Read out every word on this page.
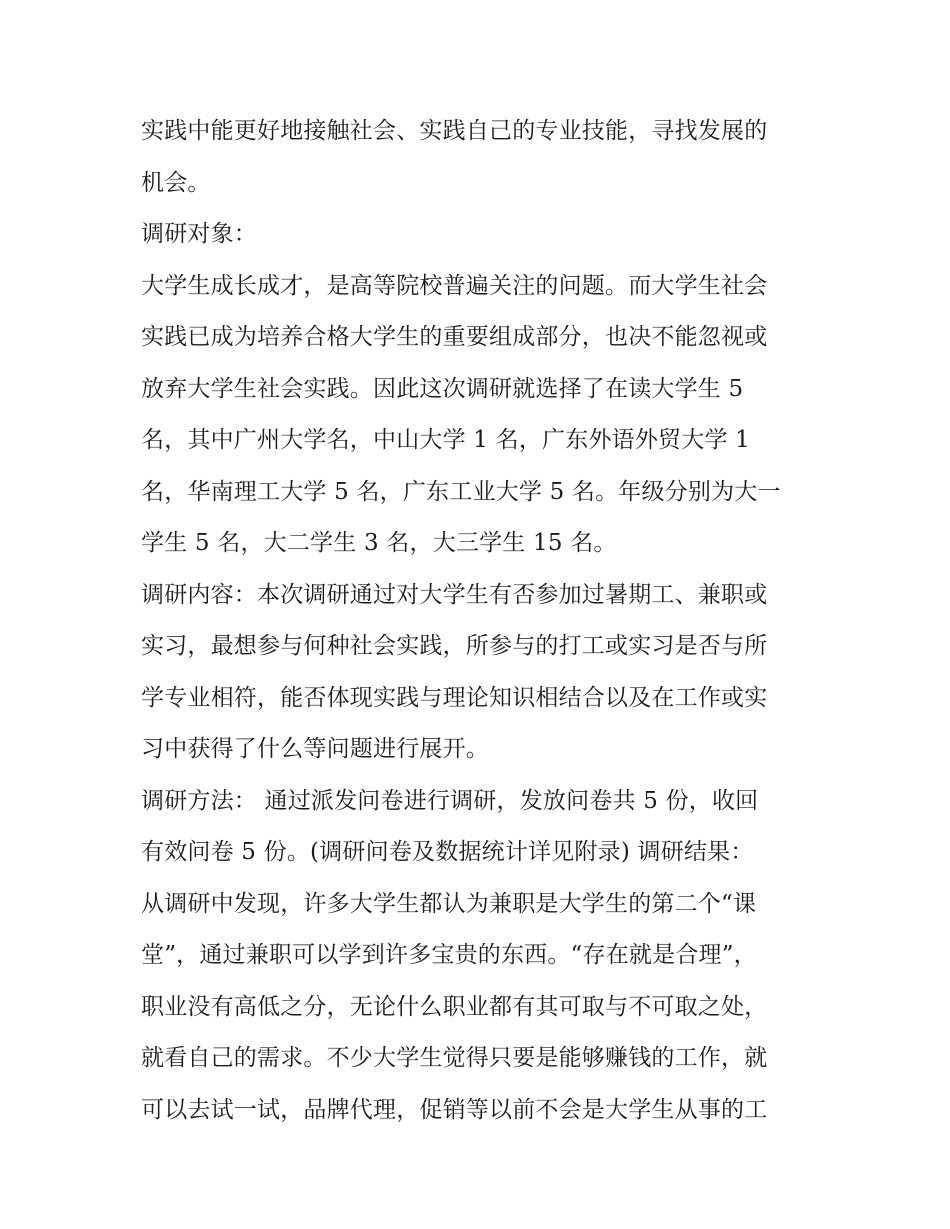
实践中能更好地接触社会、实践自己的专业技能，寻找发展的
机会。
调研对象：
大学生成长成才，是高等院校普遍关注的问题。而大学生社会
实践已成为培养合格大学生的重要组成部分，也决不能忽视或
放弃大学生社会实践。因此这次调研就选择了在读大学生 5
名，其中广州大学名，中山大学 1 名，广东外语外贸大学 1
名，华南理工大学 5 名，广东工业大学 5 名。年级分别为大一
学生 5 名，大二学生 3 名，大三学生 15 名。
调研内容：本次调研通过对大学生有否参加过暑期工、兼职或
实习，最想参与何种社会实践，所参与的打工或实习是否与所
学专业相符，能否体现实践与理论知识相结合以及在工作或实
习中获得了什么等问题进行展开。
调研方法： 通过派发问卷进行调研，发放问卷共 5 份，收回
有效问卷 5 份。(调研问卷及数据统计详见附录) 调研结果：
从调研中发现，许多大学生都认为兼职是大学生的第二个“课
堂”，通过兼职可以学到许多宝贵的东西。“存在就是合理”，
职业没有高低之分，无论什么职业都有其可取与不可取之处，
就看自己的需求。不少大学生觉得只要是能够赚钱的工作，就
可以去试一试，品牌代理，促销等以前不会是大学生从事的工
